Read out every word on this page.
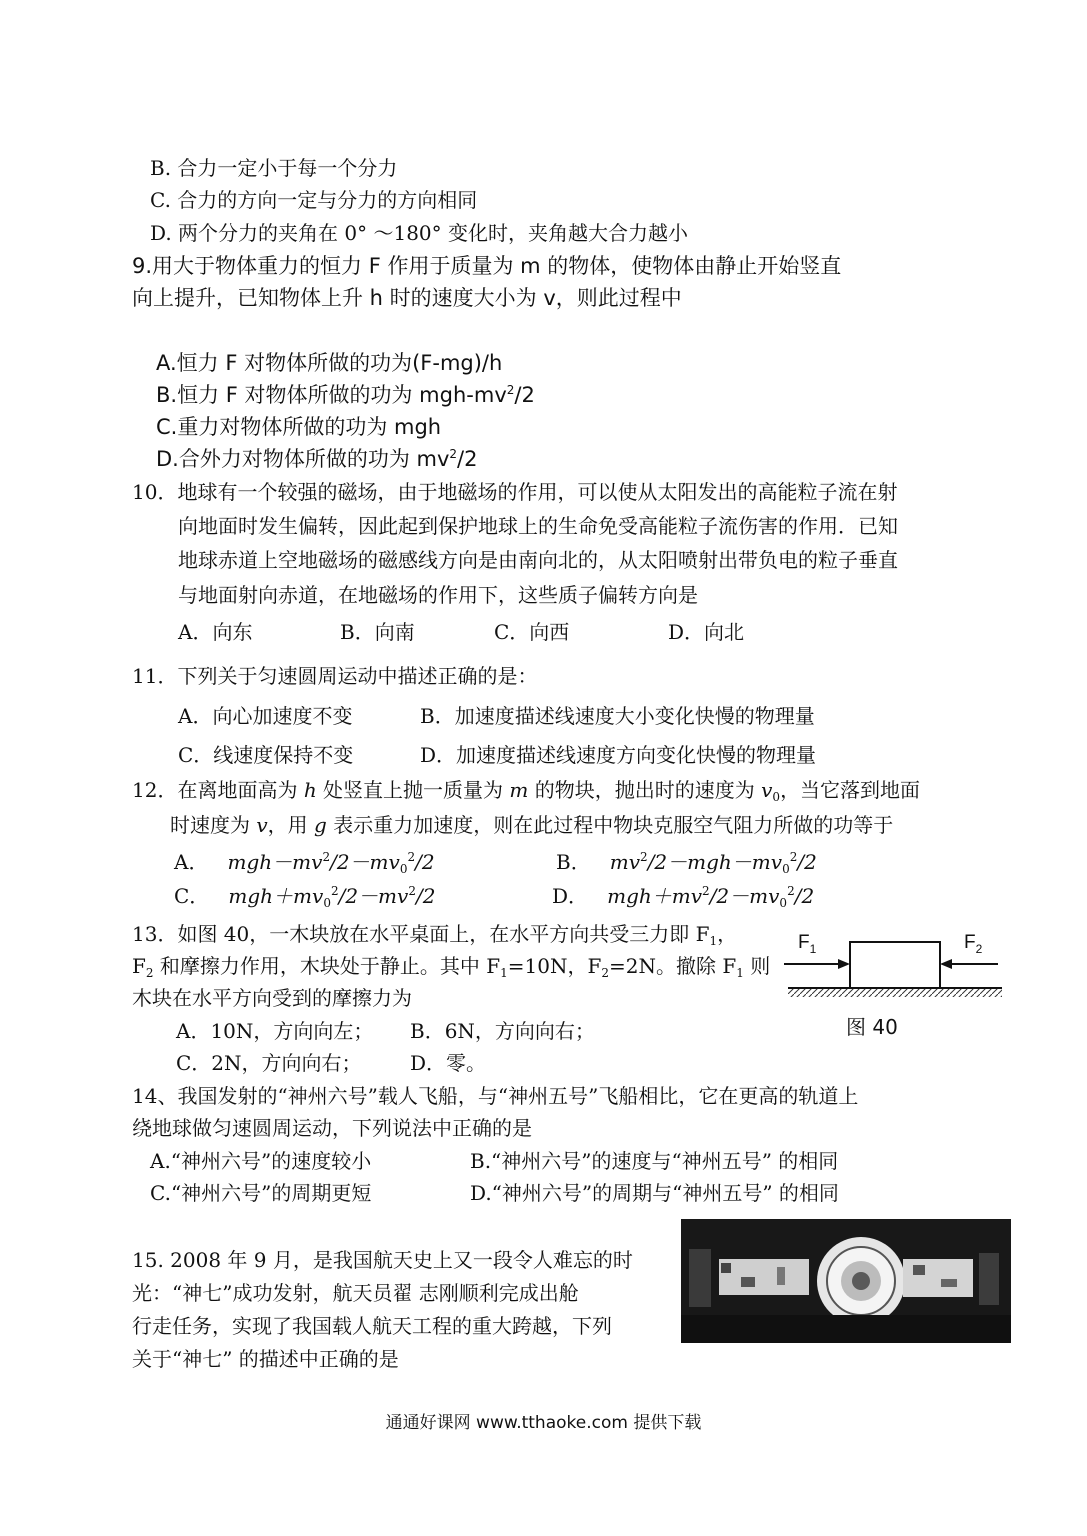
B. 合力一定小于每一个分力
C. 合力的方向一定与分力的方向相同
D. 两个分力的夹角在 0° ～180° 变化时，夹角越大合力越小
9.用大于物体重力的恒力 F 作用于质量为 m 的物体，使物体由静止开始竖直
向上提升，已知物体上升 h 时的速度大小为 v，则此过程中
A.恒力 F 对物体所做的功为(F-mg)/h
B.恒力 F 对物体所做的功为 mgh-$mv^2/2$
C.重力对物体所做的功为 mgh
D.合外力对物体所做的功为 $mv^2/2$
10．地球有一个较强的磁场，由于地磁场的作用，可以使从太阳发出的高能粒子流在射
向地面时发生偏转，因此起到保护地球上的生命免受高能粒子流伤害的作用．已知
地球赤道上空地磁场的磁感线方向是由南向北的，从太阳喷射出带负电的粒子垂直
与地面射向赤道，在地磁场的作用下，这些质子偏转方向是
A．向东	B．向南	C．向西	D．向北
11．下列关于匀速圆周运动中描述正确的是：
A．向心加速度不变	B．加速度描述线速度大小变化快慢的物理量
C．线速度保持不变	D．加速度描述线速度方向变化快慢的物理量
12．在离地面高为 h 处竖直上抛一质量为 m 的物块，抛出时的速度为 $v_0$，当它落到地面
时速度为 v，用 g 表示重力加速度，则在此过程中物块克服空气阻力所做的功等于
A． $mgh-mv^2/2-mv_0^2/2$	B． $mv^2/2-mgh-mv_0^2/2$
C． $mgh+mv_0^2/2-mv^2/2$	D． $mgh+mv^2/2-mv_0^2/2$
13．如图 40，一木块放在水平桌面上，在水平方向共受三力即 $F_1$，
$F_2$ 和摩擦力作用，木块处于静止。其中 $F_1=10N$，$F_2=2N$。撤除 $F_1$ 则
木块在水平方向受到的摩擦力为
A．10N，方向向左； B．6N，方向向右；
C．2N，方向向右； D．零。
$F_1$	$F_2$
图 40
14、我国发射的“神州六号”载人飞船，与“神州五号”飞船相比，它在更高的轨道上
绕地球做匀速圆周运动，下列说法中正确的是
A.“神州六号”的速度较小	B.“神州六号”的速度与“神州五号” 的相同
C.“神州六号”的周期更短	D.“神州六号”的周期与“神州五号” 的相同
15. 2008 年 9 月，是我国航天史上又一段令人难忘的时
光：“神七”成功发射，航天员翟 志刚顺利完成出舱
行走任务，实现了我国载人航天工程的重大跨越，下列
关于“神七” 的描述中正确的是
通通好课网 www.tthaoke.com 提供下载
